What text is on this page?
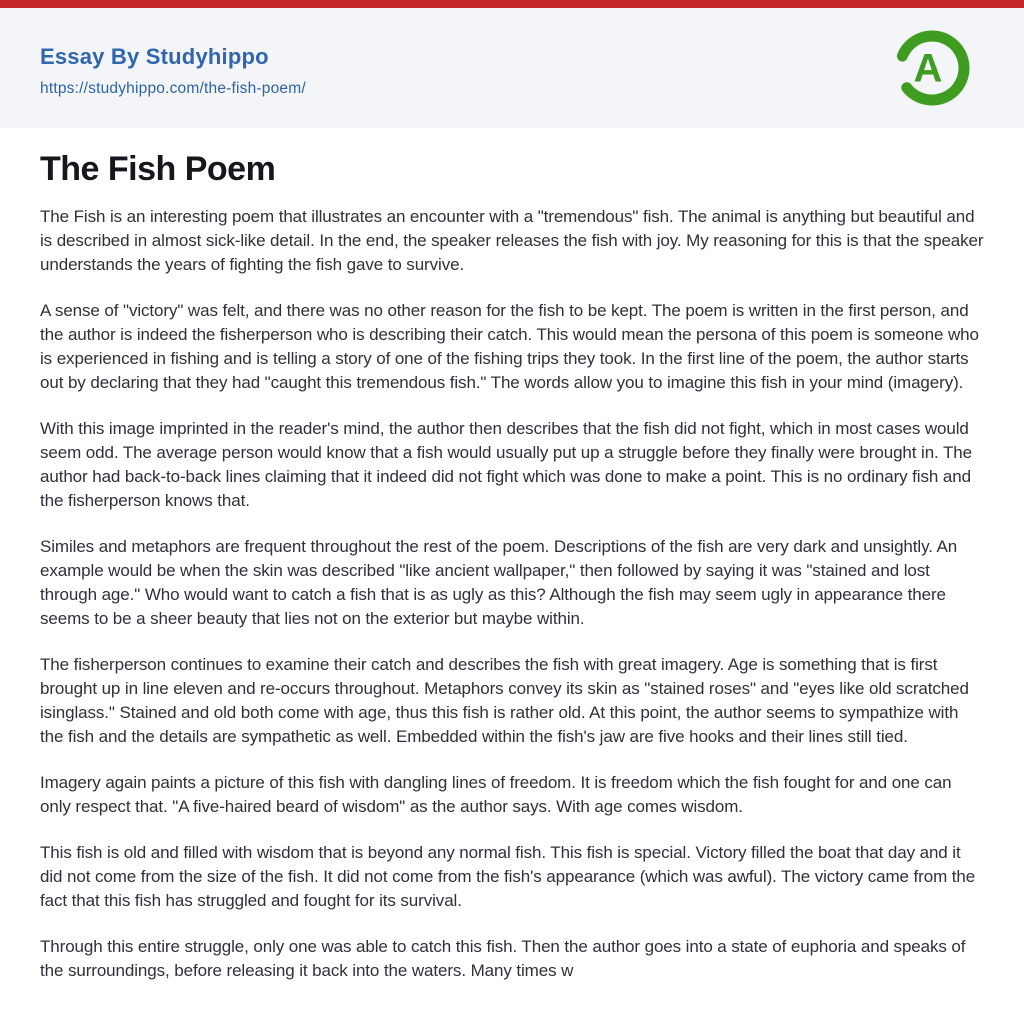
Essay By Studyhippo
https://studyhippo.com/the-fish-poem/	A
The Fish Poem

The Fish is an interesting poem that illustrates an encounter with a "tremendous" fish. The animal is anything but beautiful and is described in almost sick-like detail. In the end, the speaker releases the fish with joy. My reasoning for this is that the speaker understands the years of fighting the fish gave to survive.

A sense of "victory" was felt, and there was no other reason for the fish to be kept. The poem is written in the first person, and the author is indeed the fisherperson who is describing their catch. This would mean the persona of this poem is someone who is experienced in fishing and is telling a story of one of the fishing trips they took. In the first line of the poem, the author starts out by declaring that they had "caught this tremendous fish." The words allow you to imagine this fish in your mind (imagery).

With this image imprinted in the reader's mind, the author then describes that the fish did not fight, which in most cases would seem odd. The average person would know that a fish would usually put up a struggle before they finally were brought in. The author had back-to-back lines claiming that it indeed did not fight which was done to make a point. This is no ordinary fish and the fisherperson knows that.

Similes and metaphors are frequent throughout the rest of the poem. Descriptions of the fish are very dark and unsightly. An example would be when the skin was described "like ancient wallpaper," then followed by saying it was "stained and lost through age." Who would want to catch a fish that is as ugly as this? Although the fish may seem ugly in appearance there seems to be a sheer beauty that lies not on the exterior but maybe within.

The fisherperson continues to examine their catch and describes the fish with great imagery. Age is something that is first brought up in line eleven and re-occurs throughout. Metaphors convey its skin as "stained roses" and "eyes like old scratched isinglass." Stained and old both come with age, thus this fish is rather old. At this point, the author seems to sympathize with the fish and the details are sympathetic as well. Embedded within the fish's jaw are five hooks and their lines still tied.

Imagery again paints a picture of this fish with dangling lines of freedom. It is freedom which the fish fought for and one can only respect that. "A five-haired beard of wisdom" as the author says. With age comes wisdom.

This fish is old and filled with wisdom that is beyond any normal fish. This fish is special. Victory filled the boat that day and it did not come from the size of the fish. It did not come from the fish's appearance (which was awful). The victory came from the fact that this fish has struggled and fought for its survival.

Through this entire struggle, only one was able to catch this fish. Then the author goes into a state of euphoria and speaks of the surroundings, before releasing it back into the waters. Many times w
